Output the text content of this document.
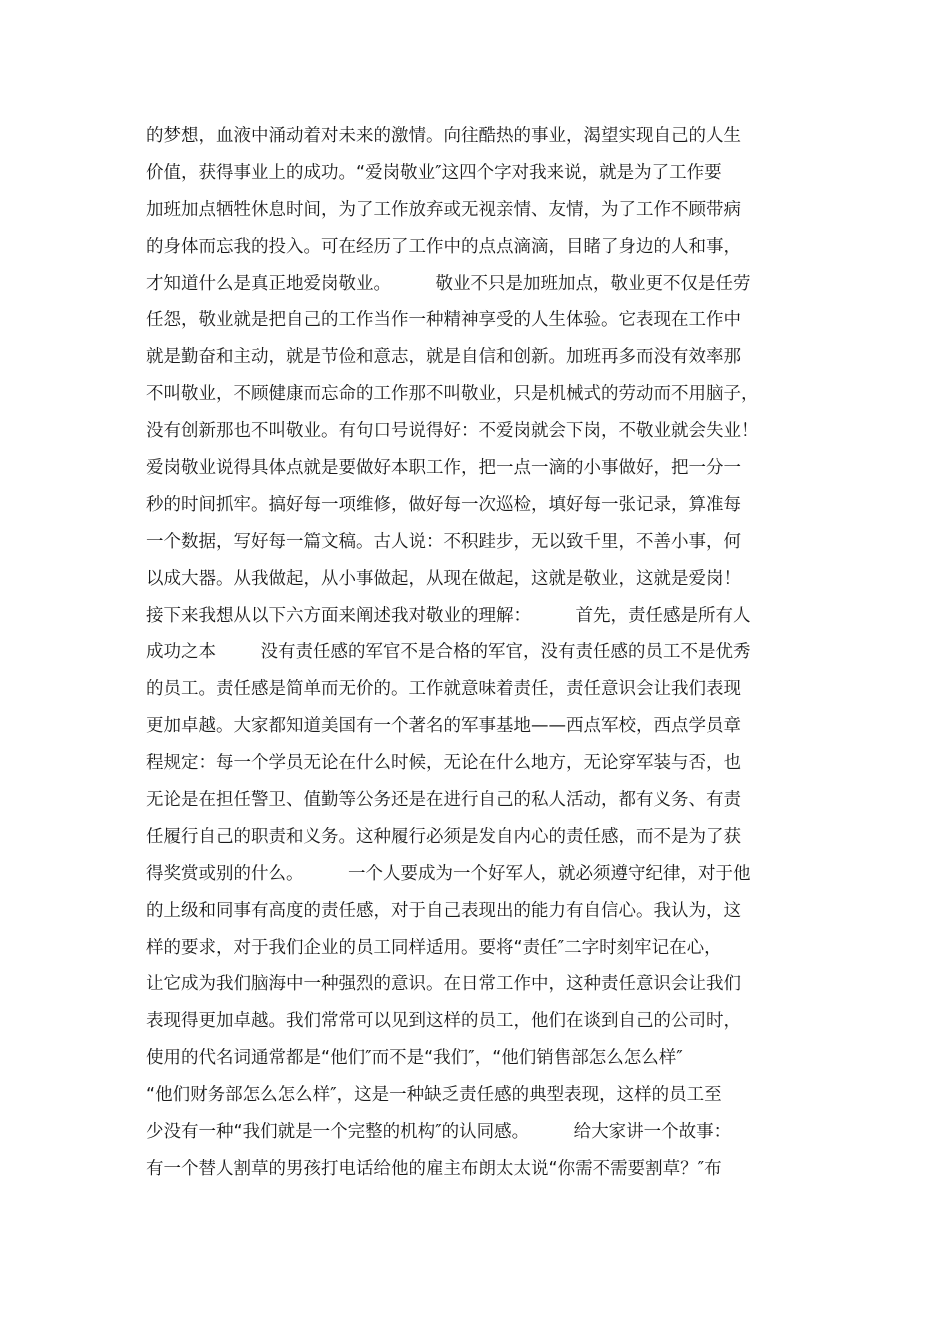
的梦想，血液中涌动着对未来的激情。向往酷热的事业，渴望实现自己的人生
价值，获得事业上的成功。“爱岗敬业″这四个字对我来说，就是为了工作要
加班加点牺牲休息时间，为了工作放弃或无视亲情、友情，为了工作不顾带病
的身体而忘我的投入。可在经历了工作中的点点滴滴，目睹了身边的人和事，
才知道什么是真正地爱岗敬业。        敬业不只是加班加点，敬业更不仅是任劳
任怨，敬业就是把自己的工作当作一种精神享受的人生体验。它表现在工作中
就是勤奋和主动，就是节俭和意志，就是自信和创新。加班再多而没有效率那
不叫敬业，不顾健康而忘命的工作那不叫敬业，只是机械式的劳动而不用脑子，
没有创新那也不叫敬业。有句口号说得好：不爱岗就会下岗，不敬业就会失业！
爱岗敬业说得具体点就是要做好本职工作，把一点一滴的小事做好，把一分一
秒的时间抓牢。搞好每一项维修，做好每一次巡检，填好每一张记录，算准每
一个数据，写好每一篇文稿。古人说：不积跬步，无以致千里，不善小事，何
以成大器。从我做起，从小事做起，从现在做起，这就是敬业，这就是爱岗！
接下来我想从以下六方面来阐述我对敬业的理解：        首先，责任感是所有人
成功之本        没有责任感的军官不是合格的军官，没有责任感的员工不是优秀
的员工。责任感是简单而无价的。工作就意味着责任，责任意识会让我们表现
更加卓越。大家都知道美国有一个著名的军事基地——西点军校，西点学员章
程规定：每一个学员无论在什么时候，无论在什么地方，无论穿军装与否，也
无论是在担任警卫、值勤等公务还是在进行自己的私人活动，都有义务、有责
任履行自己的职责和义务。这种履行必须是发自内心的责任感，而不是为了获
得奖赏或别的什么。        一个人要成为一个好军人，就必须遵守纪律，对于他
的上级和同事有高度的责任感，对于自己表现出的能力有自信心。我认为，这
样的要求，对于我们企业的员工同样适用。要将“责任″二字时刻牢记在心，
让它成为我们脑海中一种强烈的意识。在日常工作中，这种责任意识会让我们
表现得更加卓越。我们常常可以见到这样的员工，他们在谈到自己的公司时，
使用的代名词通常都是“他们″而不是“我们″，“他们销售部怎么怎么样″
“他们财务部怎么怎么样″，这是一种缺乏责任感的典型表现，这样的员工至
少没有一种“我们就是一个完整的机构″的认同感。        给大家讲一个故事：
有一个替人割草的男孩打电话给他的雇主布朗太太说“你需不需要割草？″布
